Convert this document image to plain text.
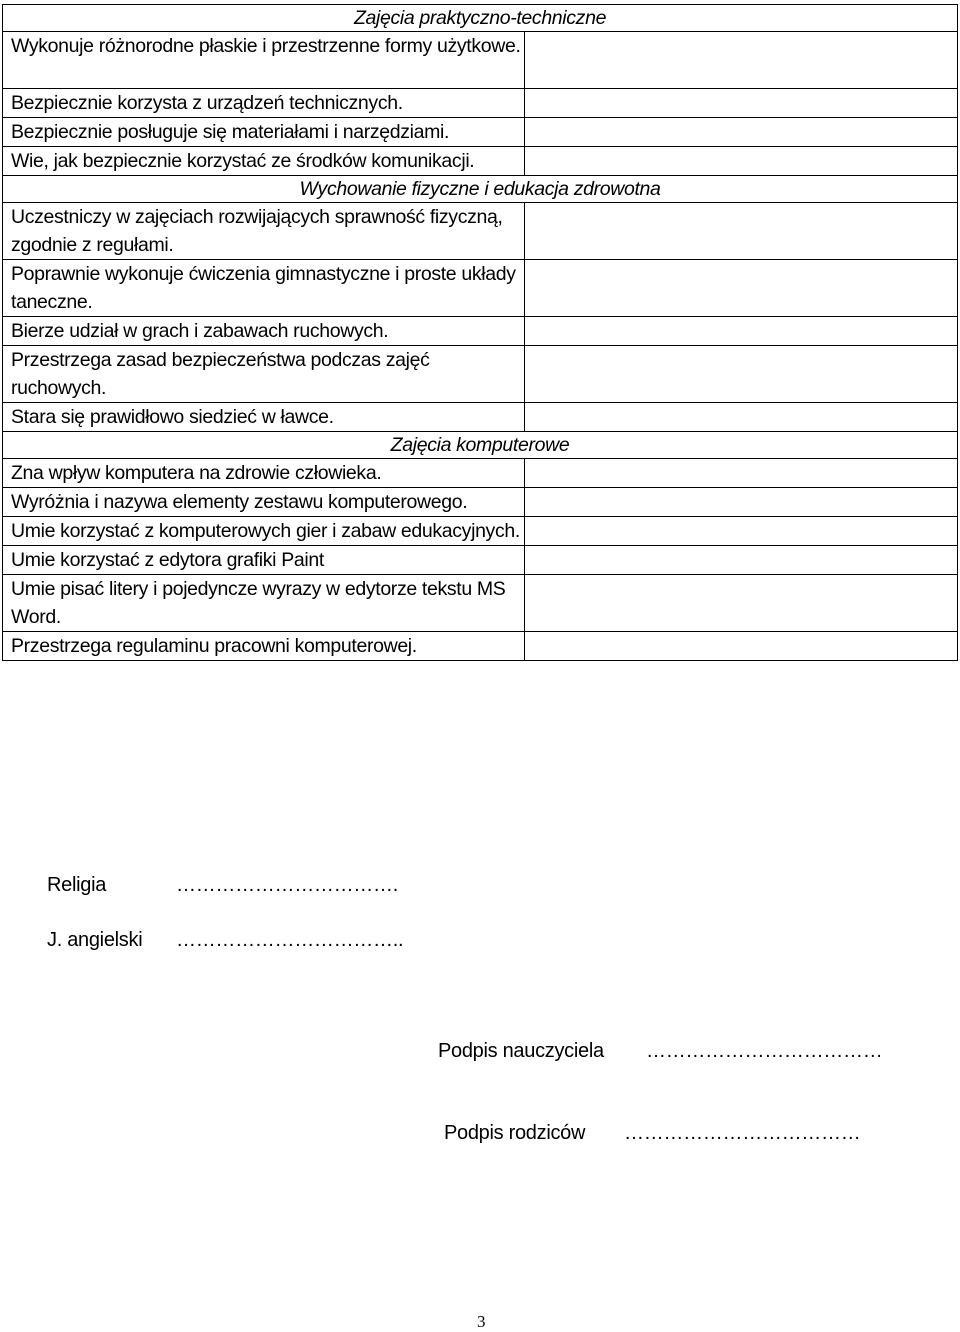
Zajęcia praktyczno-techniczne	
Wykonuje różnorodne płaskie i przestrzenne formy użytkowe.	
Bezpiecznie korzysta z urządzeń technicznych.	
Bezpiecznie posługuje się materiałami i narzędziami.	
Wie, jak bezpiecznie korzystać ze środków komunikacji.	
Wychowanie fizyczne i edukacja zdrowotna	
Uczestniczy w zajęciach rozwijających sprawność fizyczną, zgodnie z regułami.	
Poprawnie wykonuje ćwiczenia gimnastyczne i proste układy taneczne.	
Bierze udział w grach i zabawach ruchowych.	
Przestrzega zasad bezpieczeństwa podczas zajęć ruchowych.	
Stara się prawidłowo siedzieć w ławce.	
Zajęcia komputerowe	
Zna wpływ komputera na zdrowie człowieka.	
Wyróżnia i nazywa elementy zestawu komputerowego.	
Umie korzystać z komputerowych gier i zabaw edukacyjnych.	
Umie korzystać z edytora grafiki Paint	
Umie pisać litery i pojedyncze wyrazy w edytorze tekstu MS Word.	
Przestrzega regulaminu pracowni komputerowej.	
Religia	…………………………….
J. angielski ……………………………..
Podpis nauczyciela ………………………………
Podpis rodziców ………………………………
3
